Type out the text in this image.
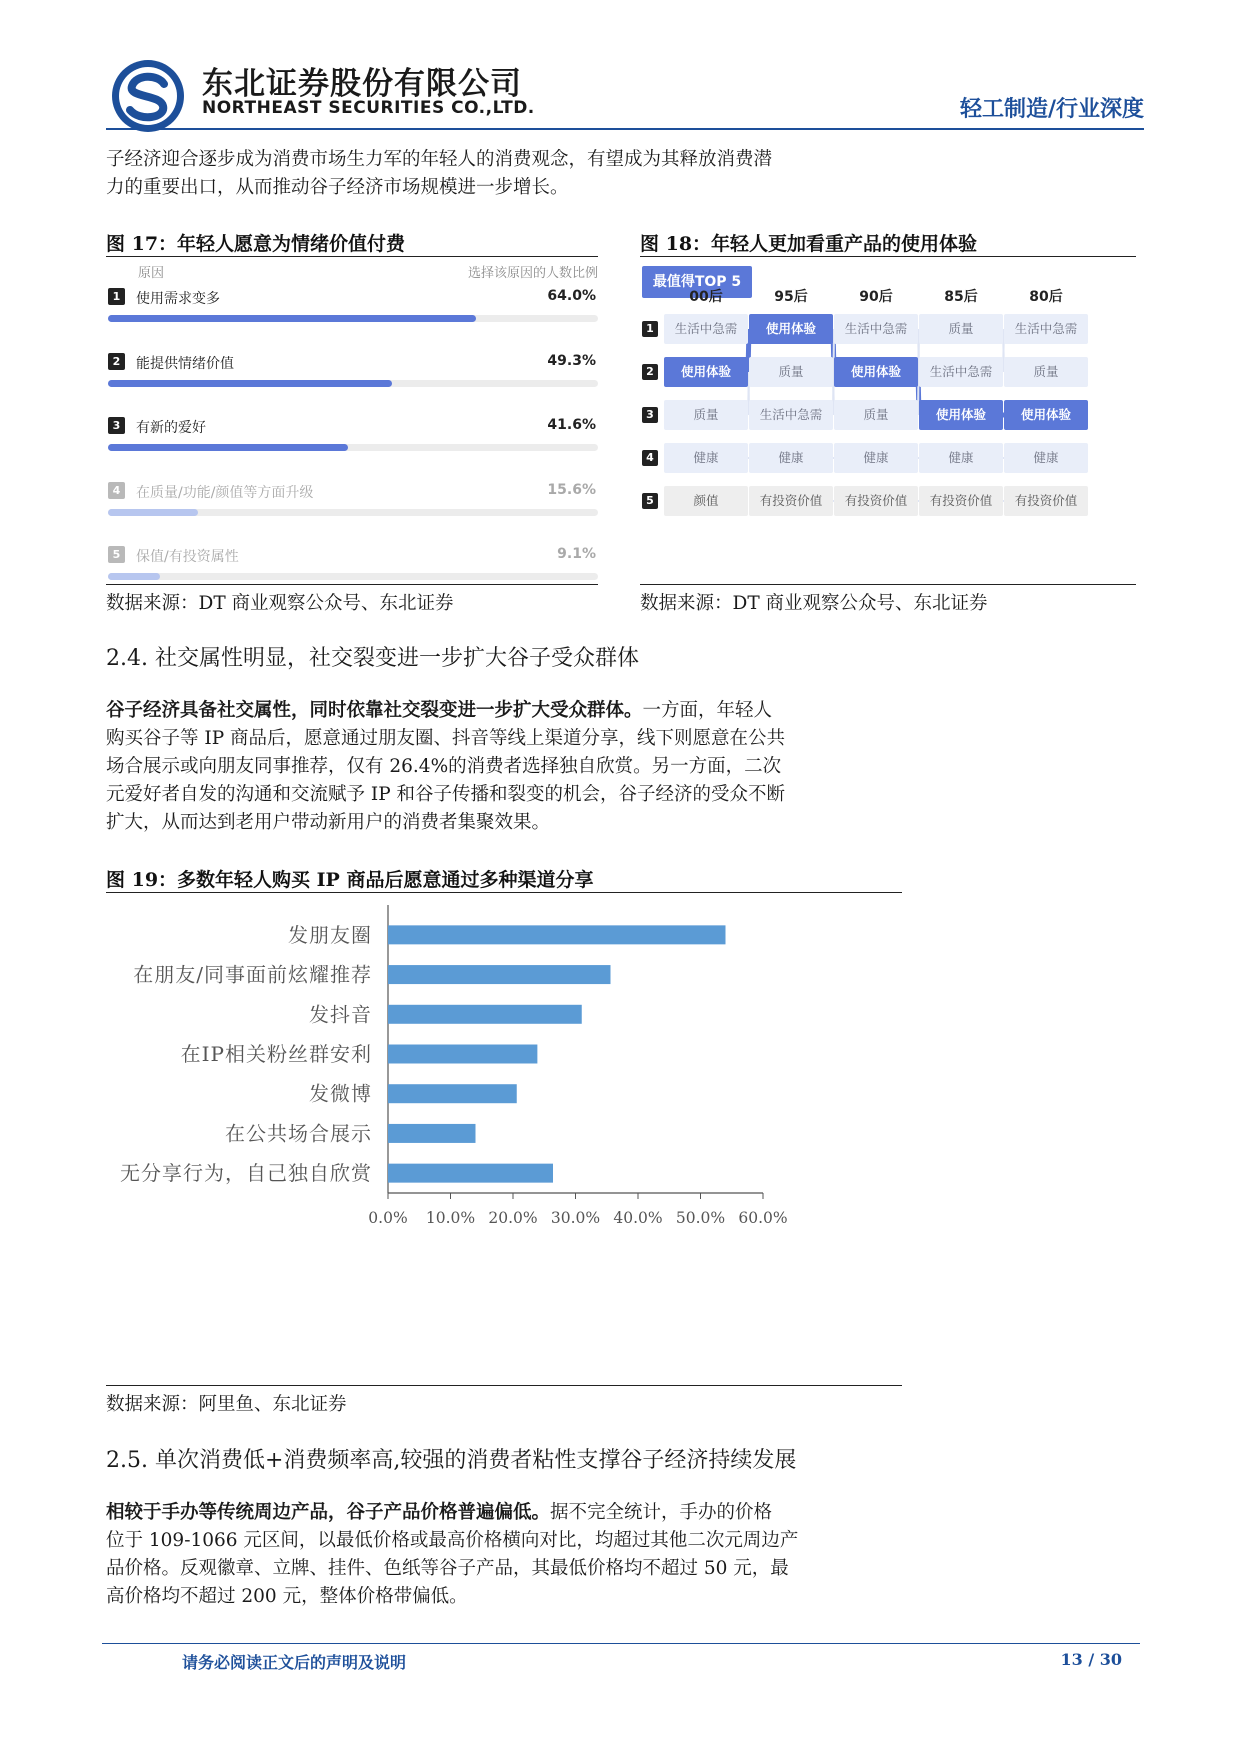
东北证券股份有限公司
NORTHEAST SECURITIES CO.,LTD.	轻工制造/行业深度
子经济迎合逐步成为消费市场生力军的年轻人的消费观念，有望成为其释放消费潜
力的重要出口，从而推动谷子经济市场规模进一步增长。
图 17：年轻人愿意为情绪价值付费
原因	选择该原因的人数比例
1	使用需求变多	64.0%
2	能提供情绪价值	49.3%
3	有新的爱好	41.6%
4	在质量/功能/颜值等方面升级	15.6%
5	保值/有投资属性	9.1%
数据来源：DT 商业观察公众号、东北证券
图 18：年轻人更加看重产品的使用体验
最值得TOP 5
00后	95后	90后	85后	80后
1
2
3
4
5
生活中急需	使用体验	生活中急需	质量	生活中急需
使用体验	质量	使用体验	生活中急需	质量
质量	生活中急需	质量	使用体验	使用体验
健康	健康	健康	健康	健康
颜值	有投资价值	有投资价值	有投资价值	有投资价值
数据来源：DT 商业观察公众号、东北证券
2.4. 社交属性明显，社交裂变进一步扩大谷子受众群体
谷子经济具备社交属性，同时依靠社交裂变进一步扩大受众群体。一方面，年轻人
购买谷子等 IP 商品后，愿意通过朋友圈、抖音等线上渠道分享，线下则愿意在公共
场合展示或向朋友同事推荐，仅有 26.4%的消费者选择独自欣赏。另一方面，二次
元爱好者自发的沟通和交流赋予 IP 和谷子传播和裂变的机会，谷子经济的受众不断
扩大，从而达到老用户带动新用户的消费者集聚效果。
图 19：多数年轻人购买 IP 商品后愿意通过多种渠道分享
发朋友圈
在朋友/同事面前炫耀推荐
发抖音
在IP相关粉丝群安利
发微博
在公共场合展示
无分享行为，自己独自欣赏
0.0% 10.0% 20.0% 30.0% 40.0% 50.0% 60.0%
数据来源：阿里鱼、东北证券
2.5. 单次消费低+消费频率高,较强的消费者粘性支撑谷子经济持续发展
相较于手办等传统周边产品，谷子产品价格普遍偏低。据不完全统计，手办的价格
位于 109-1066 元区间，以最低价格或最高价格横向对比，均超过其他二次元周边产
品价格。反观徽章、立牌、挂件、色纸等谷子产品，其最低价格均不超过 50 元，最
高价格均不超过 200 元，整体价格带偏低。
请务必阅读正文后的声明及说明	13 / 30
